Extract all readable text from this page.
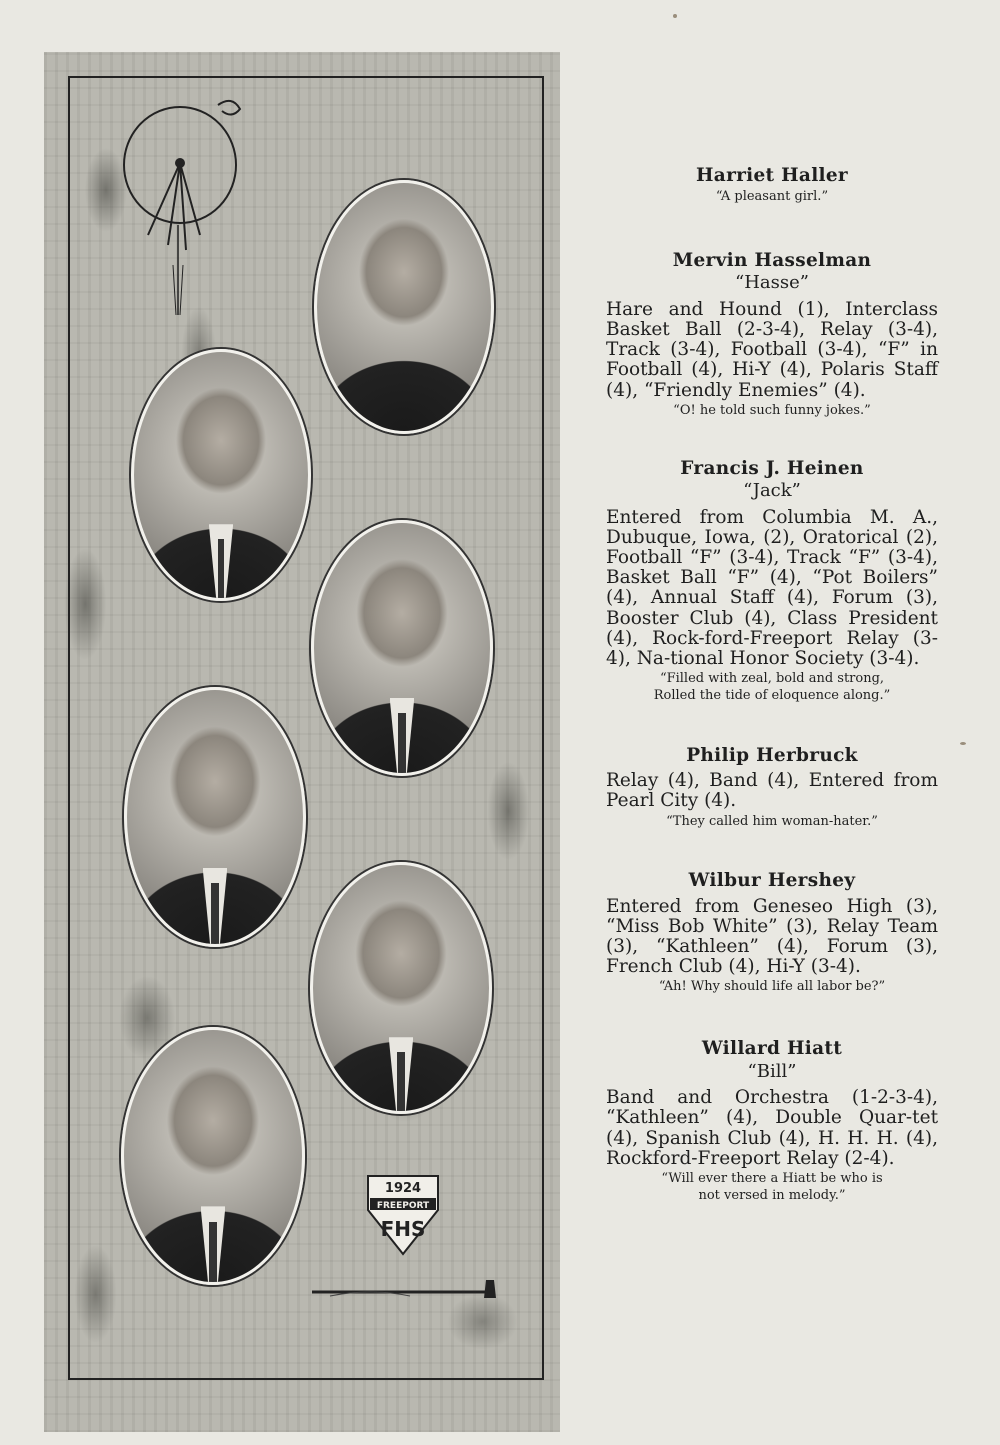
1924
FREEPORT
FHS

Harriet Haller

“A pleasant girl.”

Mervin Hasselman

“Hasse”

Hare and Hound (1), Interclass Basket Ball (2-3-4), Relay (3-4), Track (3-4), Football (3-4), “F” in Football (4), Hi-Y (4), Polaris Staff (4), “Friendly Enemies” (4).

“O! he told such funny jokes.”

Francis J. Heinen

“Jack”

Entered from Columbia M. A., Dubuque, Iowa, (2), Oratorical (2), Football “F” (3-4), Track “F” (3-4), Basket Ball “F” (4), “Pot Boilers” (4), Annual Staff (4), Forum (3), Booster Club (4), Class President (4), Rock-ford-Freeport Relay (3-4), Na-tional Honor Society (3-4).

“Filled with zeal, bold and strong,
Rolled the tide of eloquence along.”

Philip Herbruck

Relay (4), Band (4), Entered from Pearl City (4).

“They called him woman-hater.”

Wilbur Hershey

Entered from Geneseo High (3), “Miss Bob White” (3), Relay Team (3), “Kathleen” (4), Forum (3), French Club (4), Hi-Y (3-4).

“Ah! Why should life all labor be?”

Willard Hiatt

“Bill”

Band and Orchestra (1-2-3-4), “Kathleen” (4), Double Quar-tet (4), Spanish Club (4), H. H. H. (4), Rockford-Freeport Relay (2-4).

“Will ever there a Hiatt be who is
not versed in melody.”
